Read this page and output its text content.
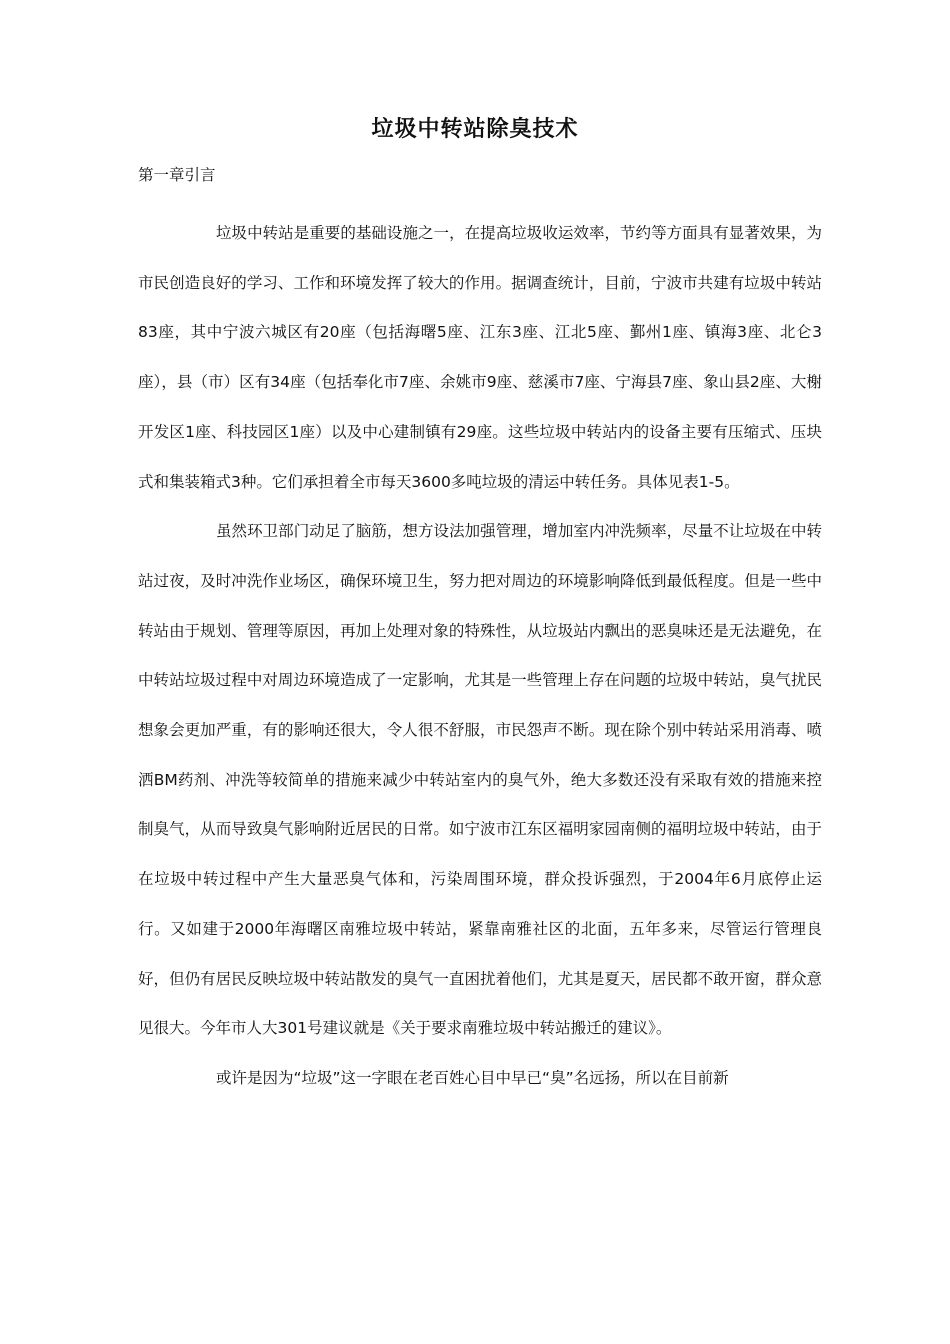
垃圾中转站除臭技术
第一章引言

垃圾中转站是重要的基础设施之一，在提高垃圾收运效率，节约等方面具有显著效果，为市民创造良好的学习、工作和环境发挥了较大的作用。据调查统计，目前，宁波市共建有垃圾中转站83座，其中宁波六城区有20座（包括海曙5座、江东3座、江北5座、鄞州1座、镇海3座、北仑3座），县（市）区有34座（包括奉化市7座、余姚市9座、慈溪市7座、宁海县7座、象山县2座、大榭开发区1座、科技园区1座）以及中心建制镇有29座。这些垃圾中转站内的设备主要有压缩式、压块式和集装箱式3种。它们承担着全市每天3600多吨垃圾的清运中转任务。具体见表1-5。

虽然环卫部门动足了脑筋，想方设法加强管理，增加室内冲洗频率，尽量不让垃圾在中转站过夜，及时冲洗作业场区，确保环境卫生，努力把对周边的环境影响降低到最低程度。但是一些中转站由于规划、管理等原因，再加上处理对象的特殊性，从垃圾站内飘出的恶臭味还是无法避免，在中转站垃圾过程中对周边环境造成了一定影响，尤其是一些管理上存在问题的垃圾中转站，臭气扰民想象会更加严重，有的影响还很大，令人很不舒服，市民怨声不断。现在除个别中转站采用消毒、喷洒BM药剂、冲洗等较简单的措施来减少中转站室内的臭气外，绝大多数还没有采取有效的措施来控制臭气，从而导致臭气影响附近居民的日常。如宁波市江东区福明家园南侧的福明垃圾中转站，由于在垃圾中转过程中产生大量恶臭气体和，污染周围环境，群众投诉强烈，于2004年6月底停止运行。又如建于2000年海曙区南雅垃圾中转站，紧靠南雅社区的北面，五年多来，尽管运行管理良好，但仍有居民反映垃圾中转站散发的臭气一直困扰着他们，尤其是夏天，居民都不敢开窗，群众意见很大。今年市人大301号建议就是《关于要求南雅垃圾中转站搬迁的建议》。

或许是因为“垃圾”这一字眼在老百姓心目中早已“臭”名远扬，所以在目前新
